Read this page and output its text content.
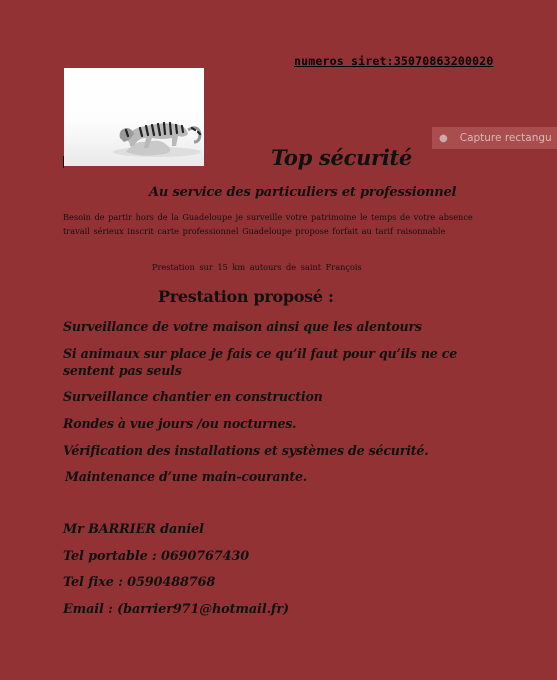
numeros siret:35070863200020
● Capture rectangu
Top sécurité
Au service des particuliers et professionnel
Besoin de partir hors de la Guadeloupe je surveille votre patrimoine le temps de votre absence travail sérieux inscrit carte professionnel Guadeloupe propose forfait au tarif raisonnable
Prestation sur 15 km autours de saint François
Prestation proposé :
Surveillance de votre maison ainsi que les alentours
Si animaux sur place je fais ce qu’il faut pour qu’ils ne ce sentent pas seuls
Surveillance chantier en construction
Rondes à vue jours /ou nocturnes.
Vérification des installations et systèmes de sécurité.
Maintenance d’une main-courante.
Mr BARRIER daniel
Tel portable : 0690767430
Tel fixe : 0590488768
Email : (barrier971@hotmail.fr)
